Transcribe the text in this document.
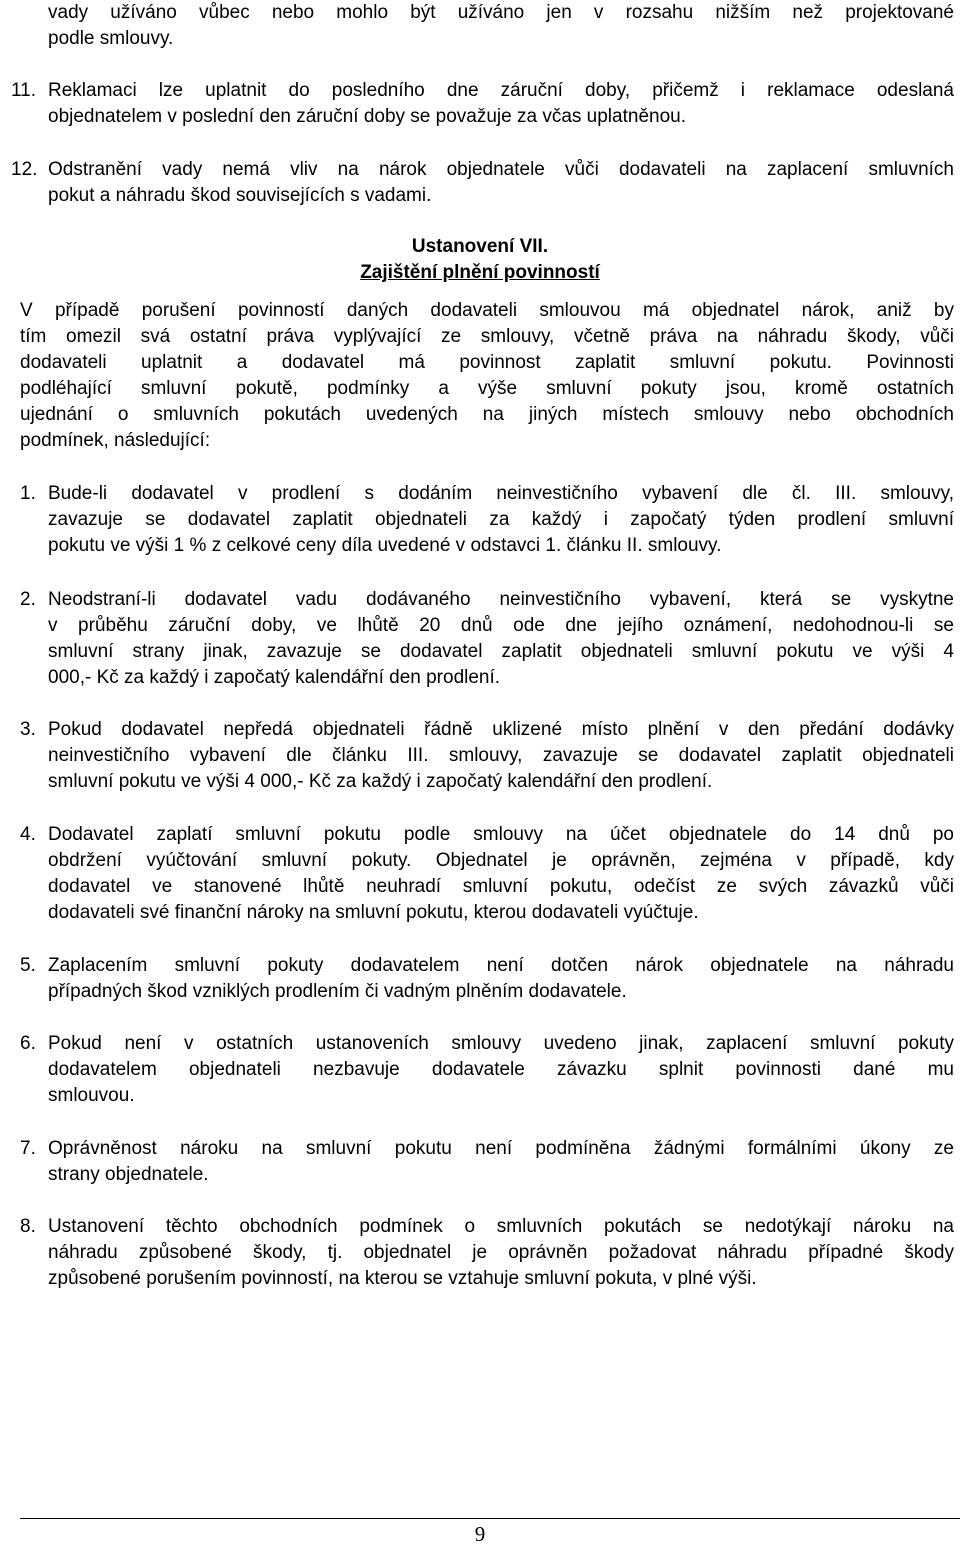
vady užíváno vůbec nebo mohlo být užíváno jen v rozsahu nižším než projektované
podle smlouvy.
11. Reklamaci lze uplatnit do posledního dne záruční doby, přičemž i reklamace odeslaná
objednatelem v poslední den záruční doby se považuje za včas uplatněnou.
12. Odstranění vady nemá vliv na nárok objednatele vůči dodavateli na zaplacení smluvních
pokut a náhradu škod souvisejících s vadami.
Ustanovení VII.
Zajištění plnění povinností
V případě porušení povinností daných dodavateli smlouvou má objednatel nárok, aniž by
tím omezil svá ostatní práva vyplývající ze smlouvy, včetně práva na náhradu škody, vůči
dodavateli uplatnit a dodavatel má povinnost zaplatit smluvní pokutu. Povinnosti
podléhající smluvní pokutě, podmínky a výše smluvní pokuty jsou, kromě ostatních
ujednání o smluvních pokutách uvedených na jiných místech smlouvy nebo obchodních
podmínek, následující:
1. Bude-li dodavatel v prodlení s dodáním neinvestičního vybavení dle čl. III. smlouvy,
zavazuje se dodavatel zaplatit objednateli za každý i započatý týden prodlení smluvní
pokutu ve výši 1 % z celkové ceny díla uvedené v odstavci 1. článku II. smlouvy.
2. Neodstraní-li dodavatel vadu dodávaného neinvestičního vybavení, která se vyskytne
v průběhu záruční doby, ve lhůtě 20 dnů ode dne jejího oznámení, nedohodnou-li se
smluvní strany jinak, zavazuje se dodavatel zaplatit objednateli smluvní pokutu ve výši 4
000,- Kč za každý i započatý kalendářní den prodlení.
3. Pokud dodavatel nepředá objednateli řádně uklizené místo plnění v den předání dodávky
neinvestičního vybavení dle článku III. smlouvy, zavazuje se dodavatel zaplatit objednateli
smluvní pokutu ve výši 4 000,- Kč za každý i započatý kalendářní den prodlení.
4. Dodavatel zaplatí smluvní pokutu podle smlouvy na účet objednatele do 14 dnů po
obdržení vyúčtování smluvní pokuty. Objednatel je oprávněn, zejména v případě, kdy
dodavatel ve stanovené lhůtě neuhradí smluvní pokutu, odečíst ze svých závazků vůči
dodavateli své finanční nároky na smluvní pokutu, kterou dodavateli vyúčtuje.
5. Zaplacením smluvní pokuty dodavatelem není dotčen nárok objednatele na náhradu
případných škod vzniklých prodlením či vadným plněním dodavatele.
6. Pokud není v ostatních ustanoveních smlouvy uvedeno jinak, zaplacení smluvní pokuty
dodavatelem objednateli nezbavuje dodavatele závazku splnit povinnosti dané mu
smlouvou.
7. Oprávněnost nároku na smluvní pokutu není podmíněna žádnými formálními úkony ze
strany objednatele.
8. Ustanovení těchto obchodních podmínek o smluvních pokutách se nedotýkají nároku na
náhradu způsobené škody, tj. objednatel je oprávněn požadovat náhradu případné škody
způsobené porušením povinností, na kterou se vztahuje smluvní pokuta, v plné výši.
9
